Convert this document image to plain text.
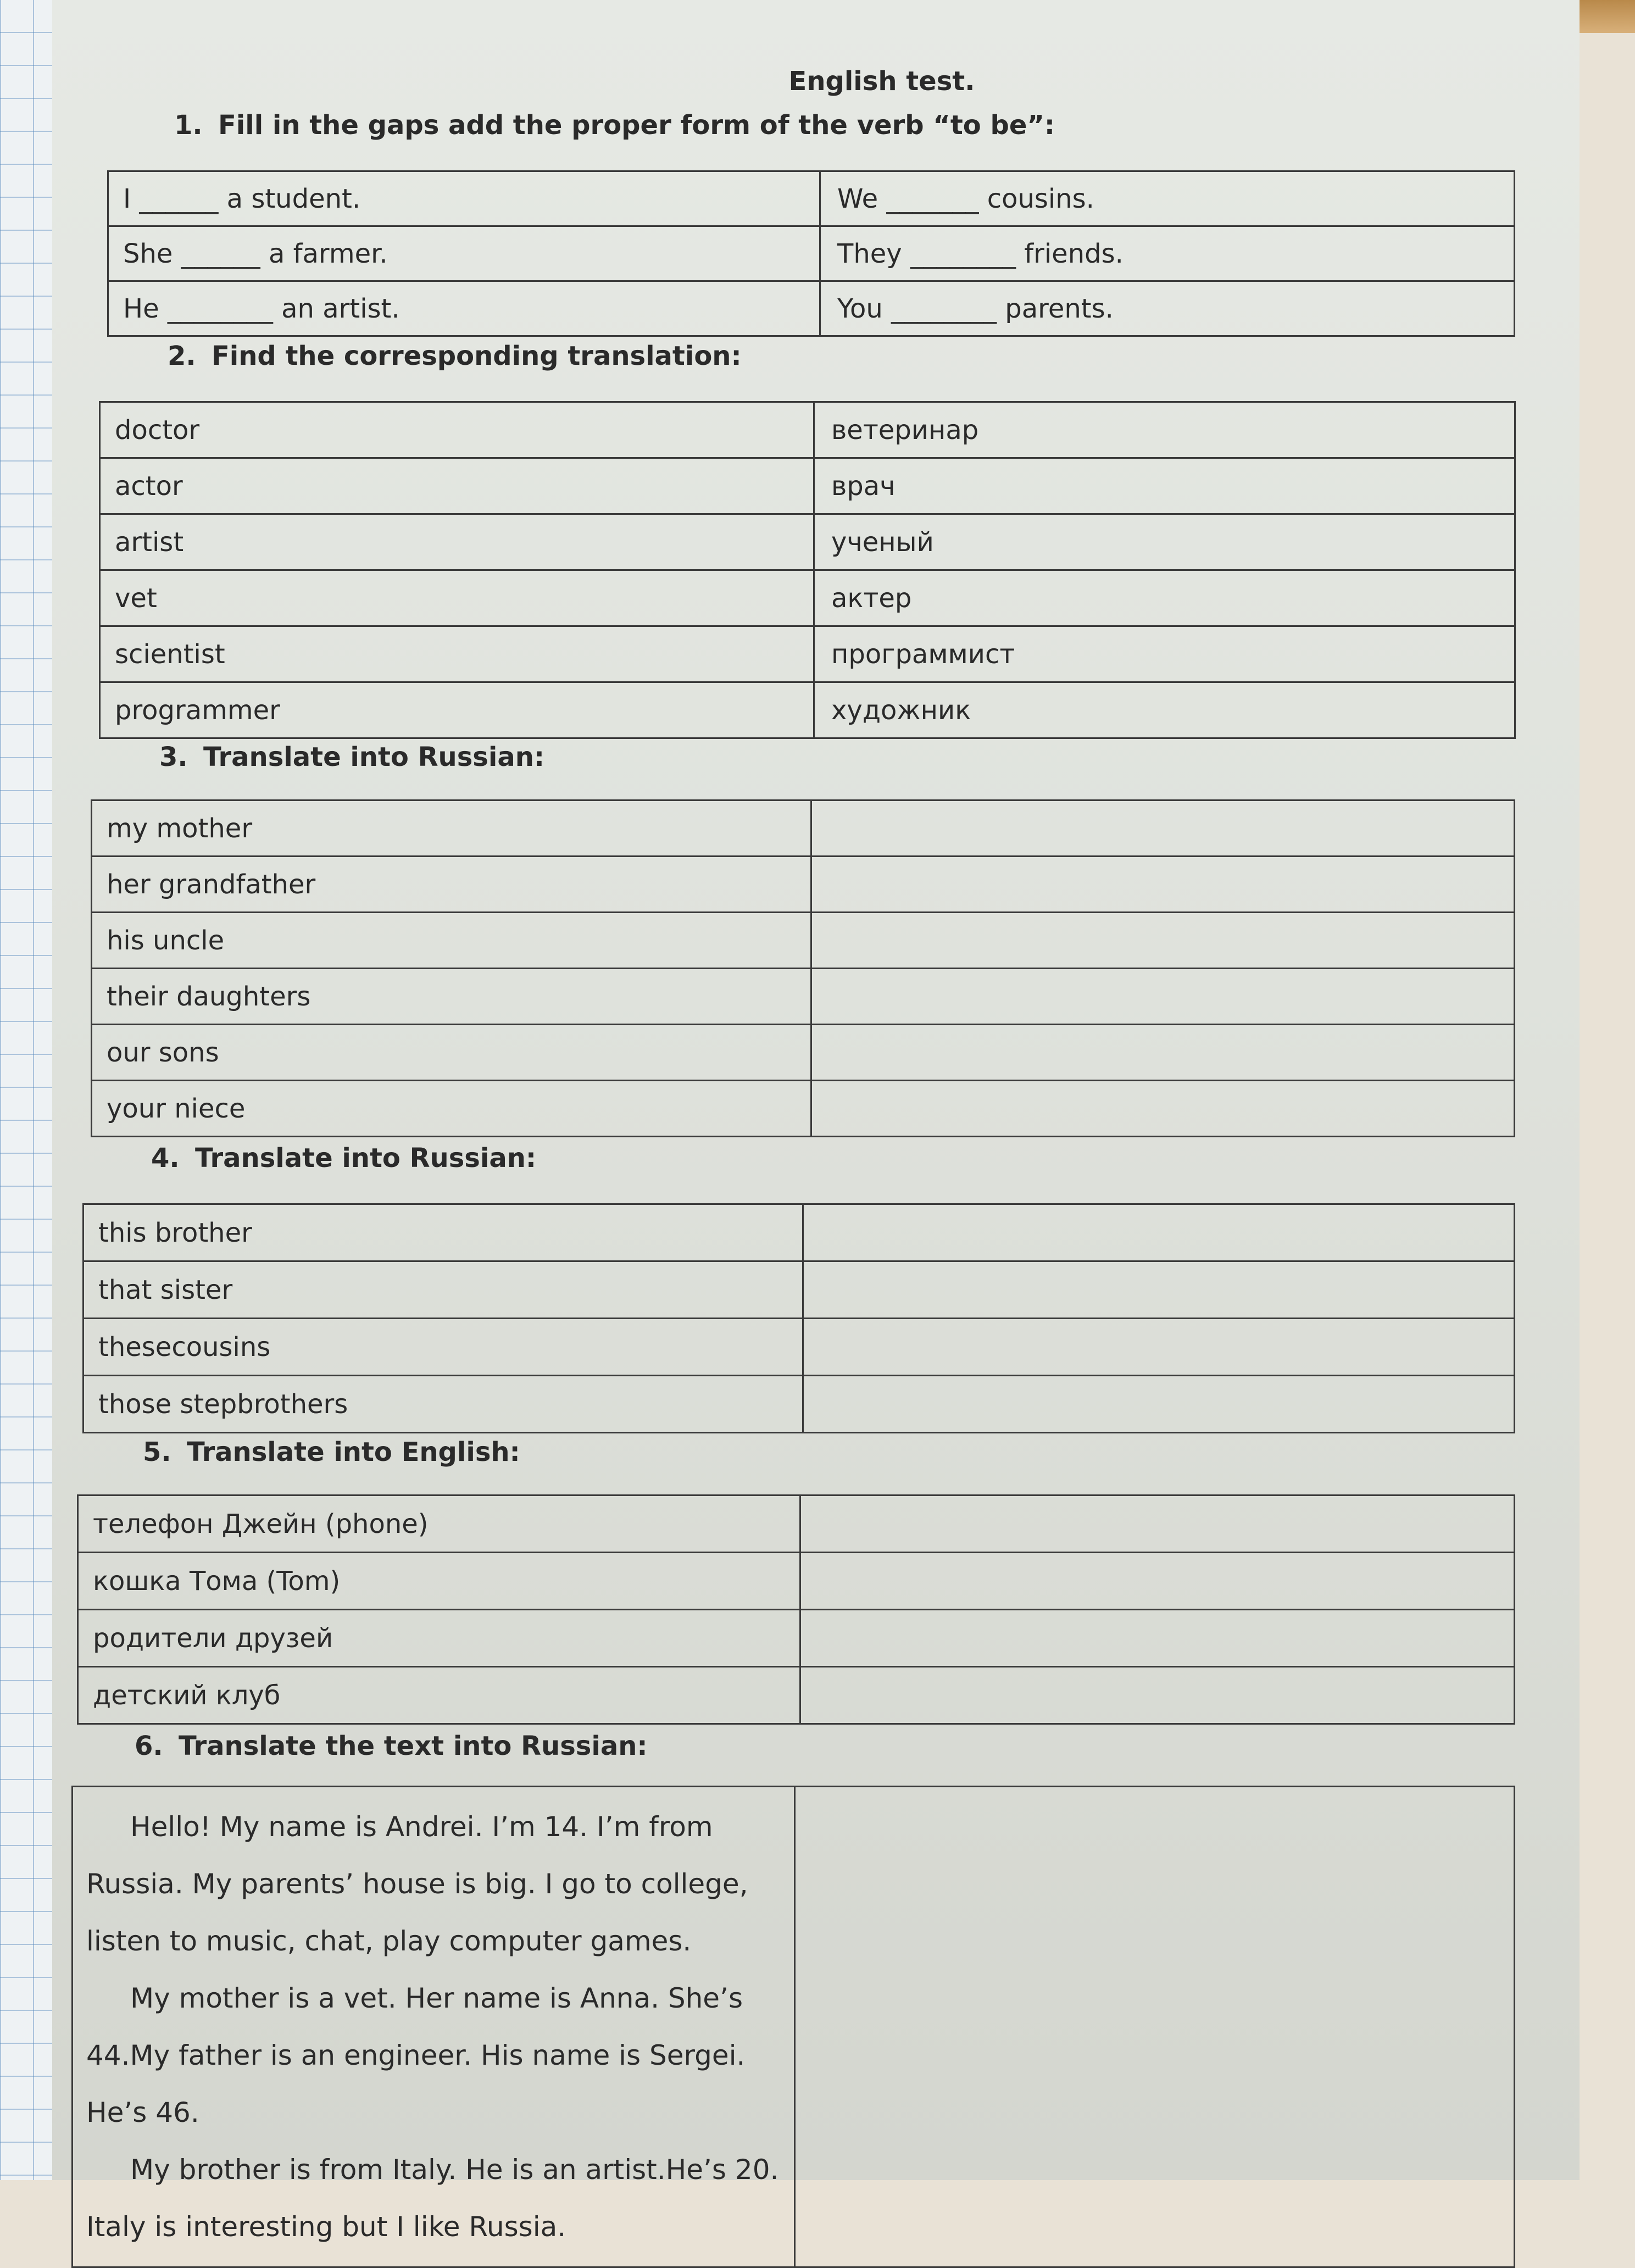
English test.
1. Fill in the gaps add the proper form of the verb “to be”:
I ______ a student.	We _______ cousins.
She ______ a farmer.	They ________ friends.
He ________ an artist.	You ________ parents.
2. Find the corresponding translation:
doctor	ветеринар
actor	врач
artist	ученый
vet	актер
scientist	программист
programmer	художник
3. Translate into Russian:
my mother	
her grandfather	
his uncle	
their daughters	
our sons	
your niece	
4. Translate into Russian:
this brother	
that sister	
thesecousins	
those stepbrothers	
5. Translate into English:
телефон Джейн (phone)	
кошка Тома (Tom)	
родители друзей	
детский клуб	
6. Translate the text into Russian:

Hello! My name is Andrei. I’m 14. I’m from Russia. My parents’ house is big. I go to college, listen to music, chat, play computer games.

My mother is a vet. Her name is Anna. She’s 44.My father is an engineer. His name is Sergei. He’s 46.

My brother is from Italy. He is an artist.He’s 20. Italy is interesting but I like Russia.
